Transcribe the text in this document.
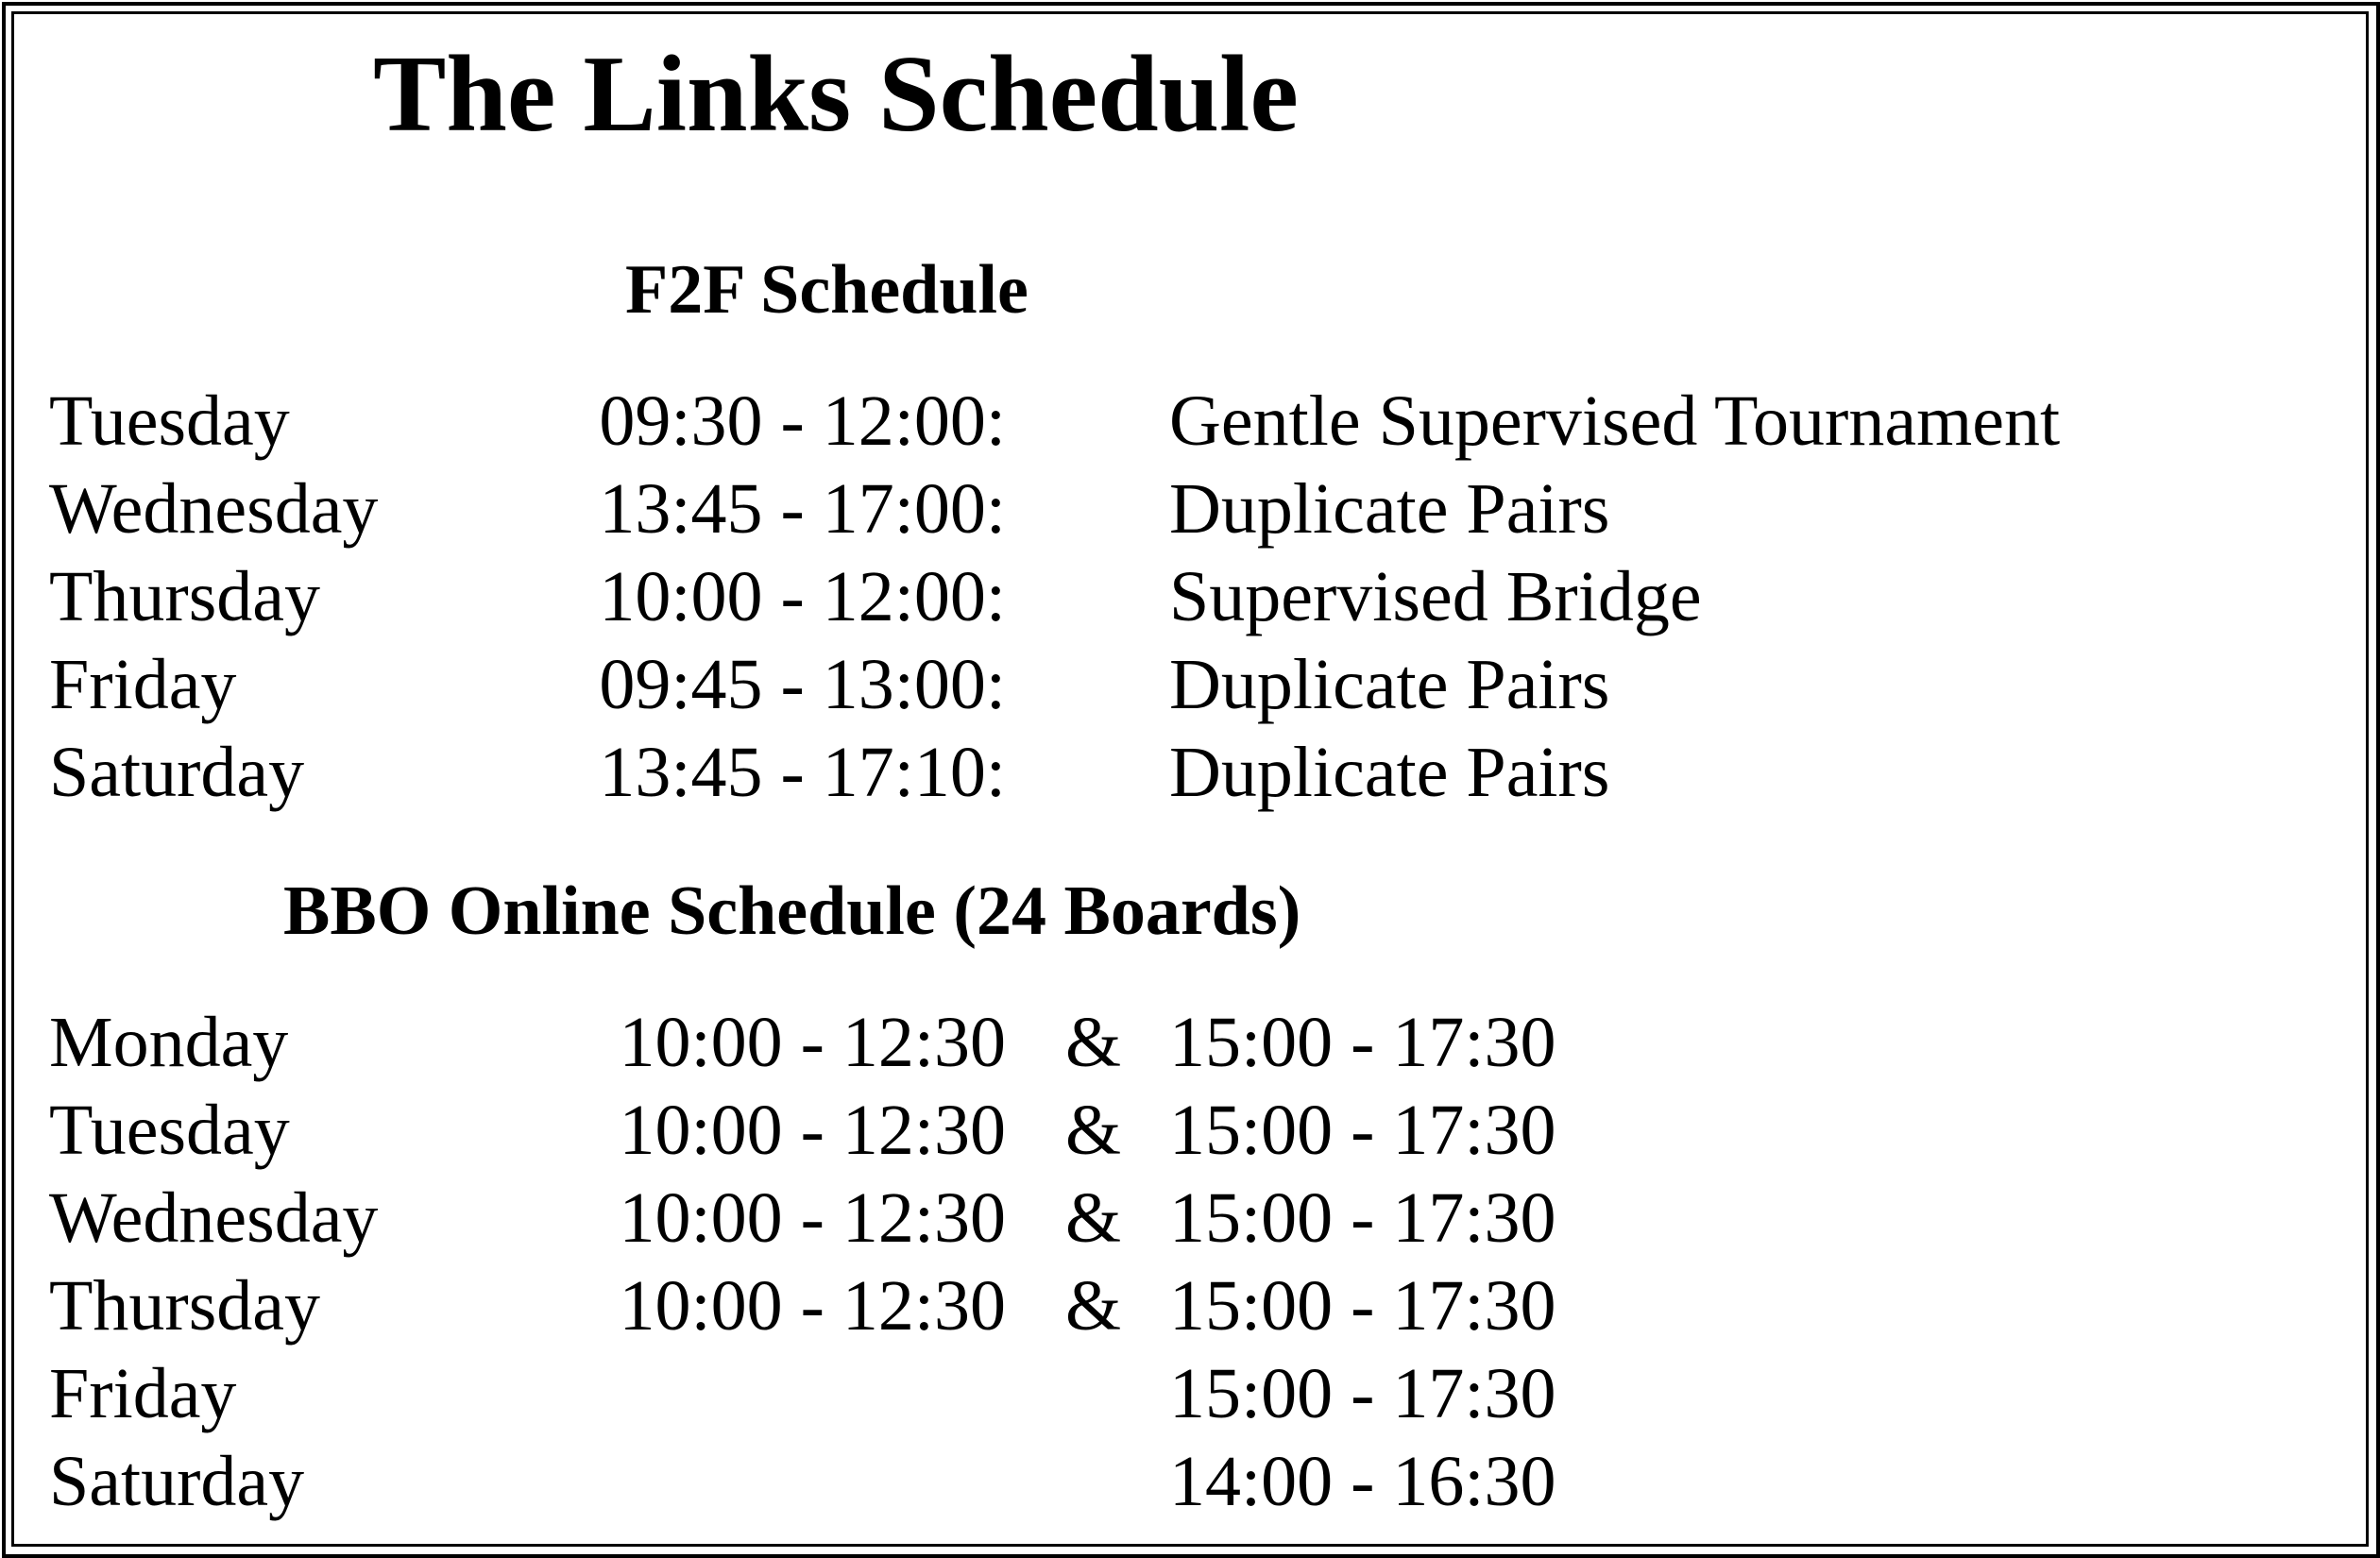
The Links Schedule
F2F Schedule
Tuesday	09:30 - 12:00: Gentle Supervised Tournament
Wednesday	13:45 - 17:00: Duplicate Pairs
Thursday	10:00 - 12:00: Supervised Bridge
Friday	09:45 - 13:00: Duplicate Pairs
Saturday	13:45 - 17:10: Duplicate Pairs
BBO Online Schedule (24 Boards)
Monday	10:00 - 12:30 & 15:00 - 17:30
Tuesday	10:00 - 12:30 & 15:00 - 17:30
Wednesday	10:00 - 12:30 & 15:00 - 17:30
Thursday	10:00 - 12:30 & 15:00 - 17:30
Friday	15:00 - 17:30
Saturday	14:00 - 16:30
